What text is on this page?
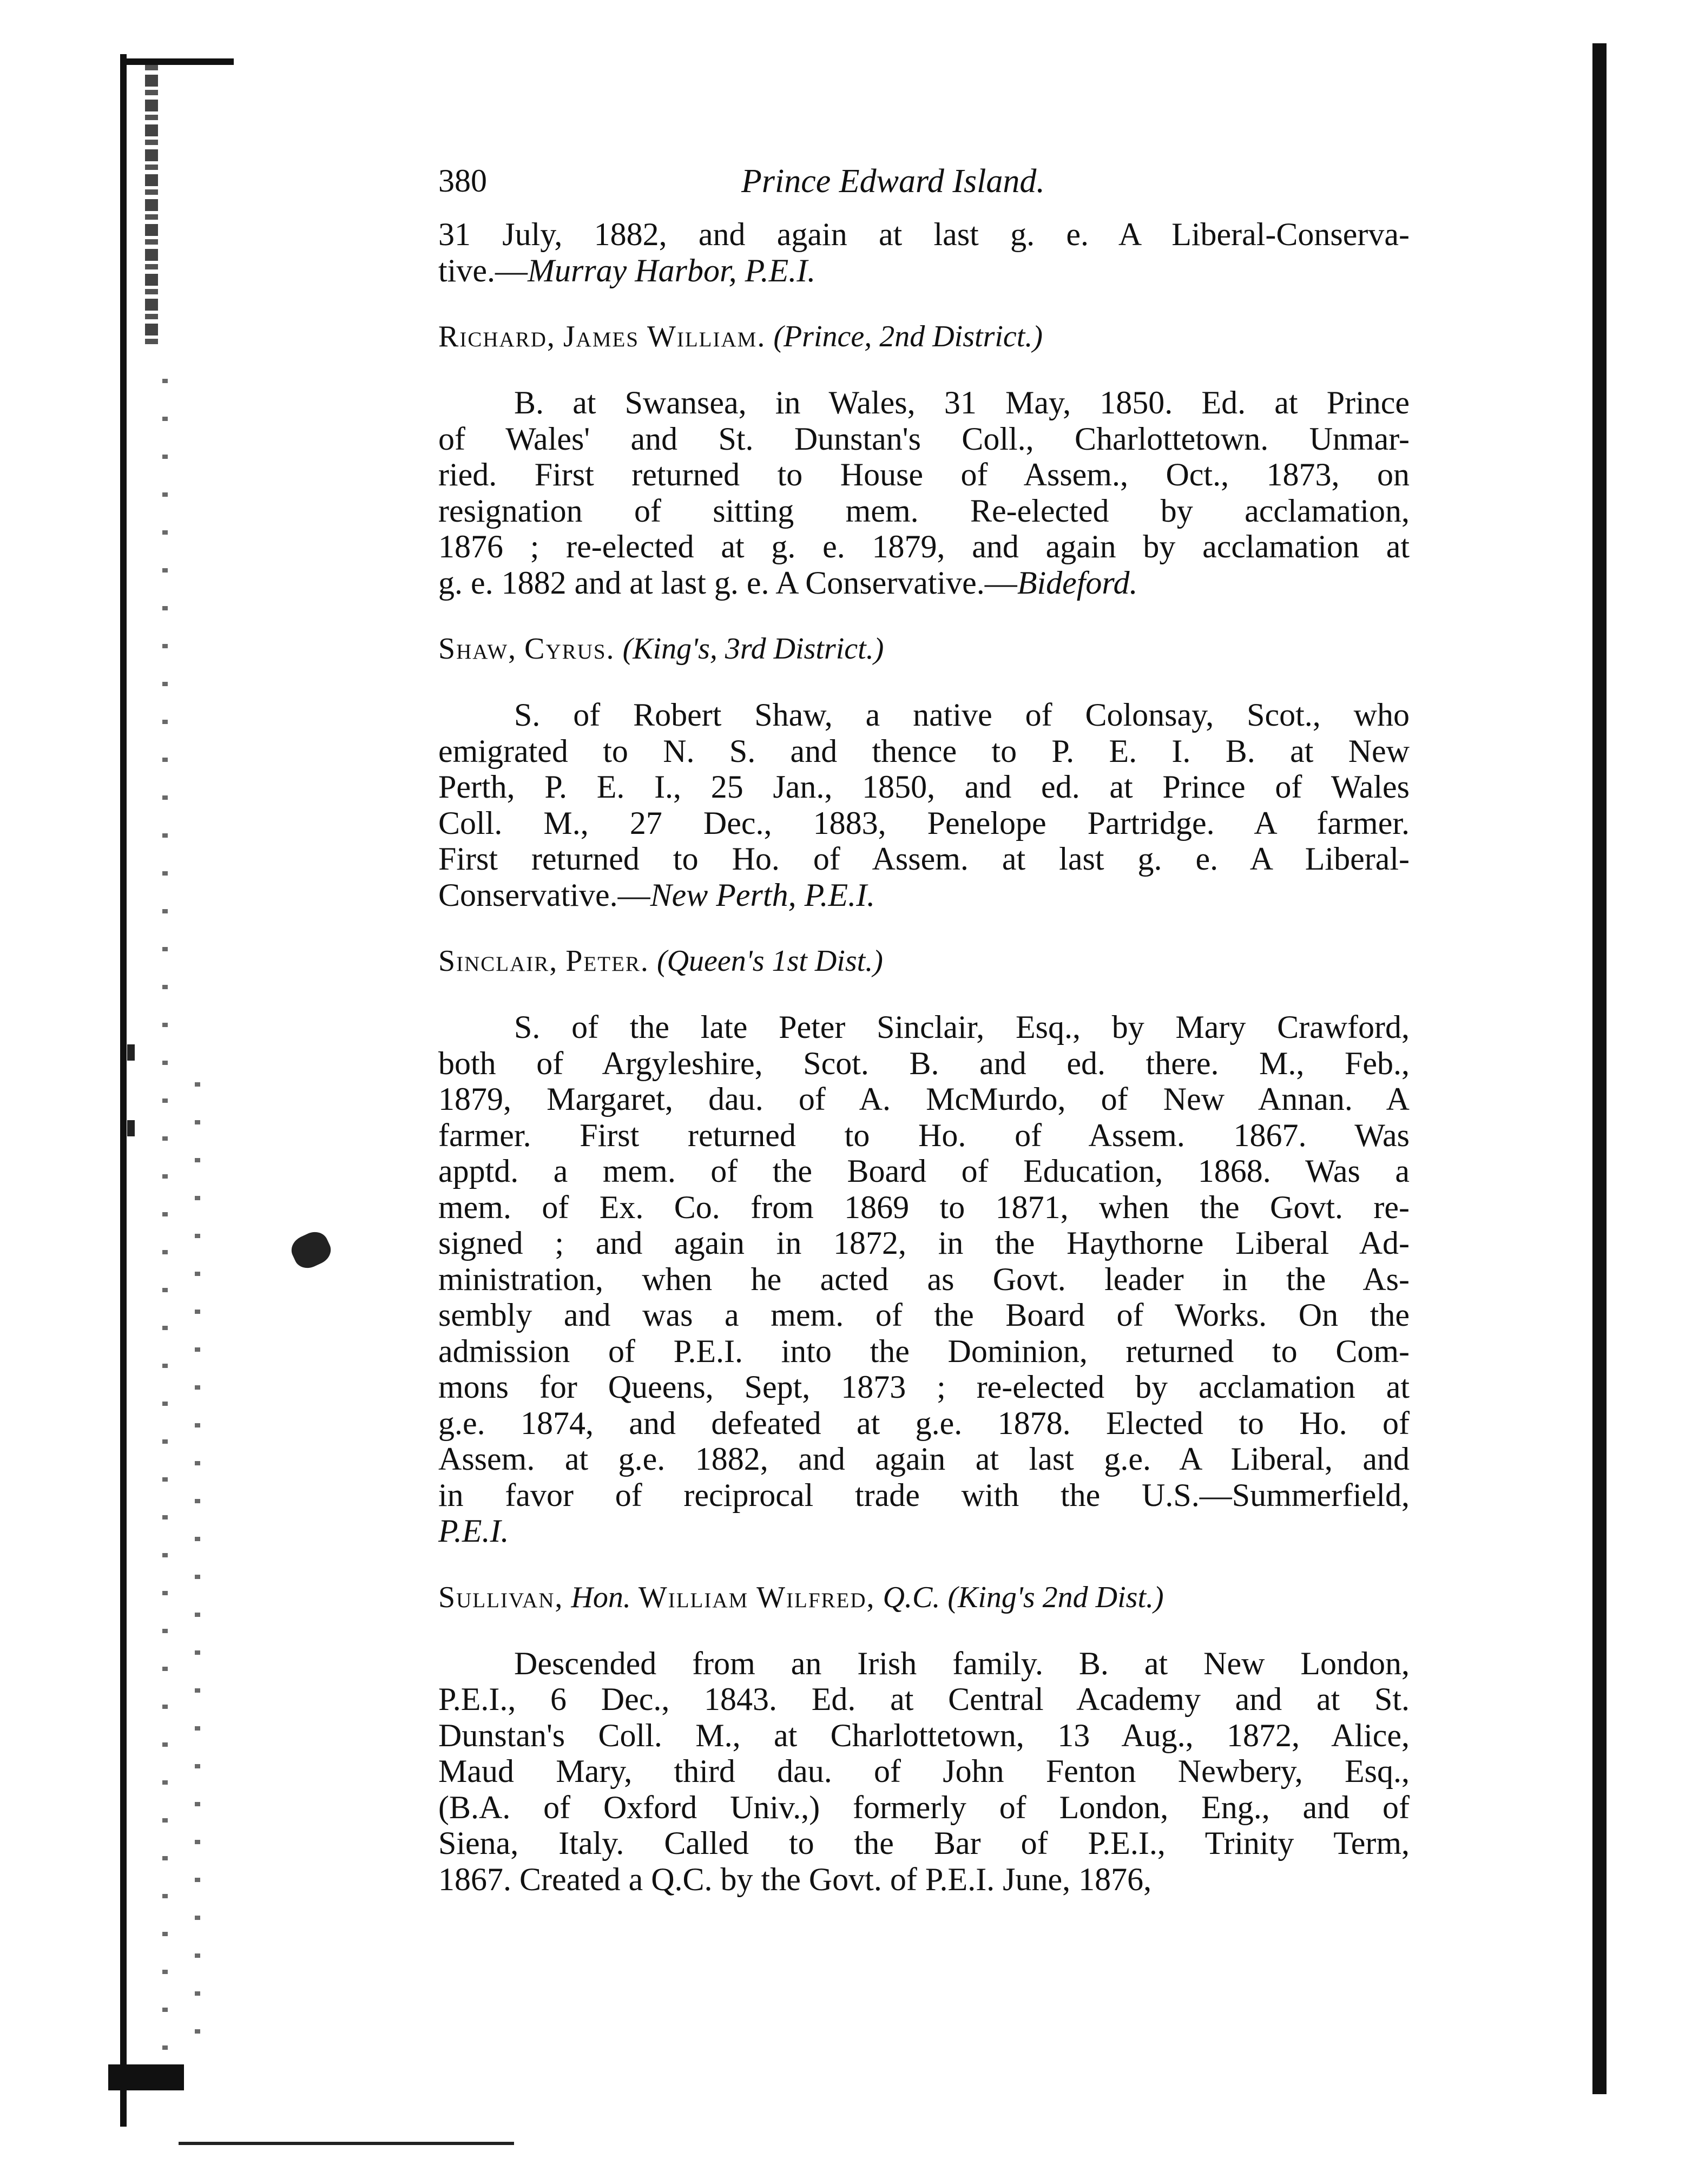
380	Prince Edward Island.
31 July, 1882, and again at last g. e. A Liberal-Conserva-
tive.—Murray Harbor, P.E.I.
Richard, James William. (Prince, 2nd District.)
B. at Swansea, in Wales, 31 May, 1850. Ed. at Prince
of Wales' and St. Dunstan's Coll., Charlottetown. Unmar-
ried. First returned to House of Assem., Oct., 1873, on
resignation of sitting mem. Re-elected by acclamation,
1876 ; re-elected at g. e. 1879, and again by acclamation at
g. e. 1882 and at last g. e. A Conservative.—Bideford.
Shaw, Cyrus. (King's, 3rd District.)
S. of Robert Shaw, a native of Colonsay, Scot., who
emigrated to N. S. and thence to P. E. I. B. at New
Perth, P. E. I., 25 Jan., 1850, and ed. at Prince of Wales
Coll. M., 27 Dec., 1883, Penelope Partridge. A farmer.
First returned to Ho. of Assem. at last g. e. A Liberal-
Conservative.—New Perth, P.E.I.
Sinclair, Peter. (Queen's 1st Dist.)
S. of the late Peter Sinclair, Esq., by Mary Crawford,
both of Argyleshire, Scot. B. and ed. there. M., Feb.,
1879, Margaret, dau. of A. McMurdo, of New Annan. A
farmer. First returned to Ho. of Assem. 1867. Was
apptd. a mem. of the Board of Education, 1868. Was a
mem. of Ex. Co. from 1869 to 1871, when the Govt. re-
signed ; and again in 1872, in the Haythorne Liberal Ad-
ministration, when he acted as Govt. leader in the As-
sembly and was a mem. of the Board of Works. On the
admission of P.E.I. into the Dominion, returned to Com-
mons for Queens, Sept, 1873 ; re-elected by acclamation at
g.e. 1874, and defeated at g.e. 1878. Elected to Ho. of
Assem. at g.e. 1882, and again at last g.e. A Liberal, and
in favor of reciprocal trade with the U.S.—Summerfield,
P.E.I.
Sullivan, Hon. William Wilfred, Q.C. (King's 2nd Dist.)
Descended from an Irish family. B. at New London,
P.E.I., 6 Dec., 1843. Ed. at Central Academy and at St.
Dunstan's Coll. M., at Charlottetown, 13 Aug., 1872, Alice,
Maud Mary, third dau. of John Fenton Newbery, Esq.,
(B.A. of Oxford Univ.,) formerly of London, Eng., and of
Siena, Italy. Called to the Bar of P.E.I., Trinity Term,
1867. Created a Q.C. by the Govt. of P.E.I. June, 1876,
